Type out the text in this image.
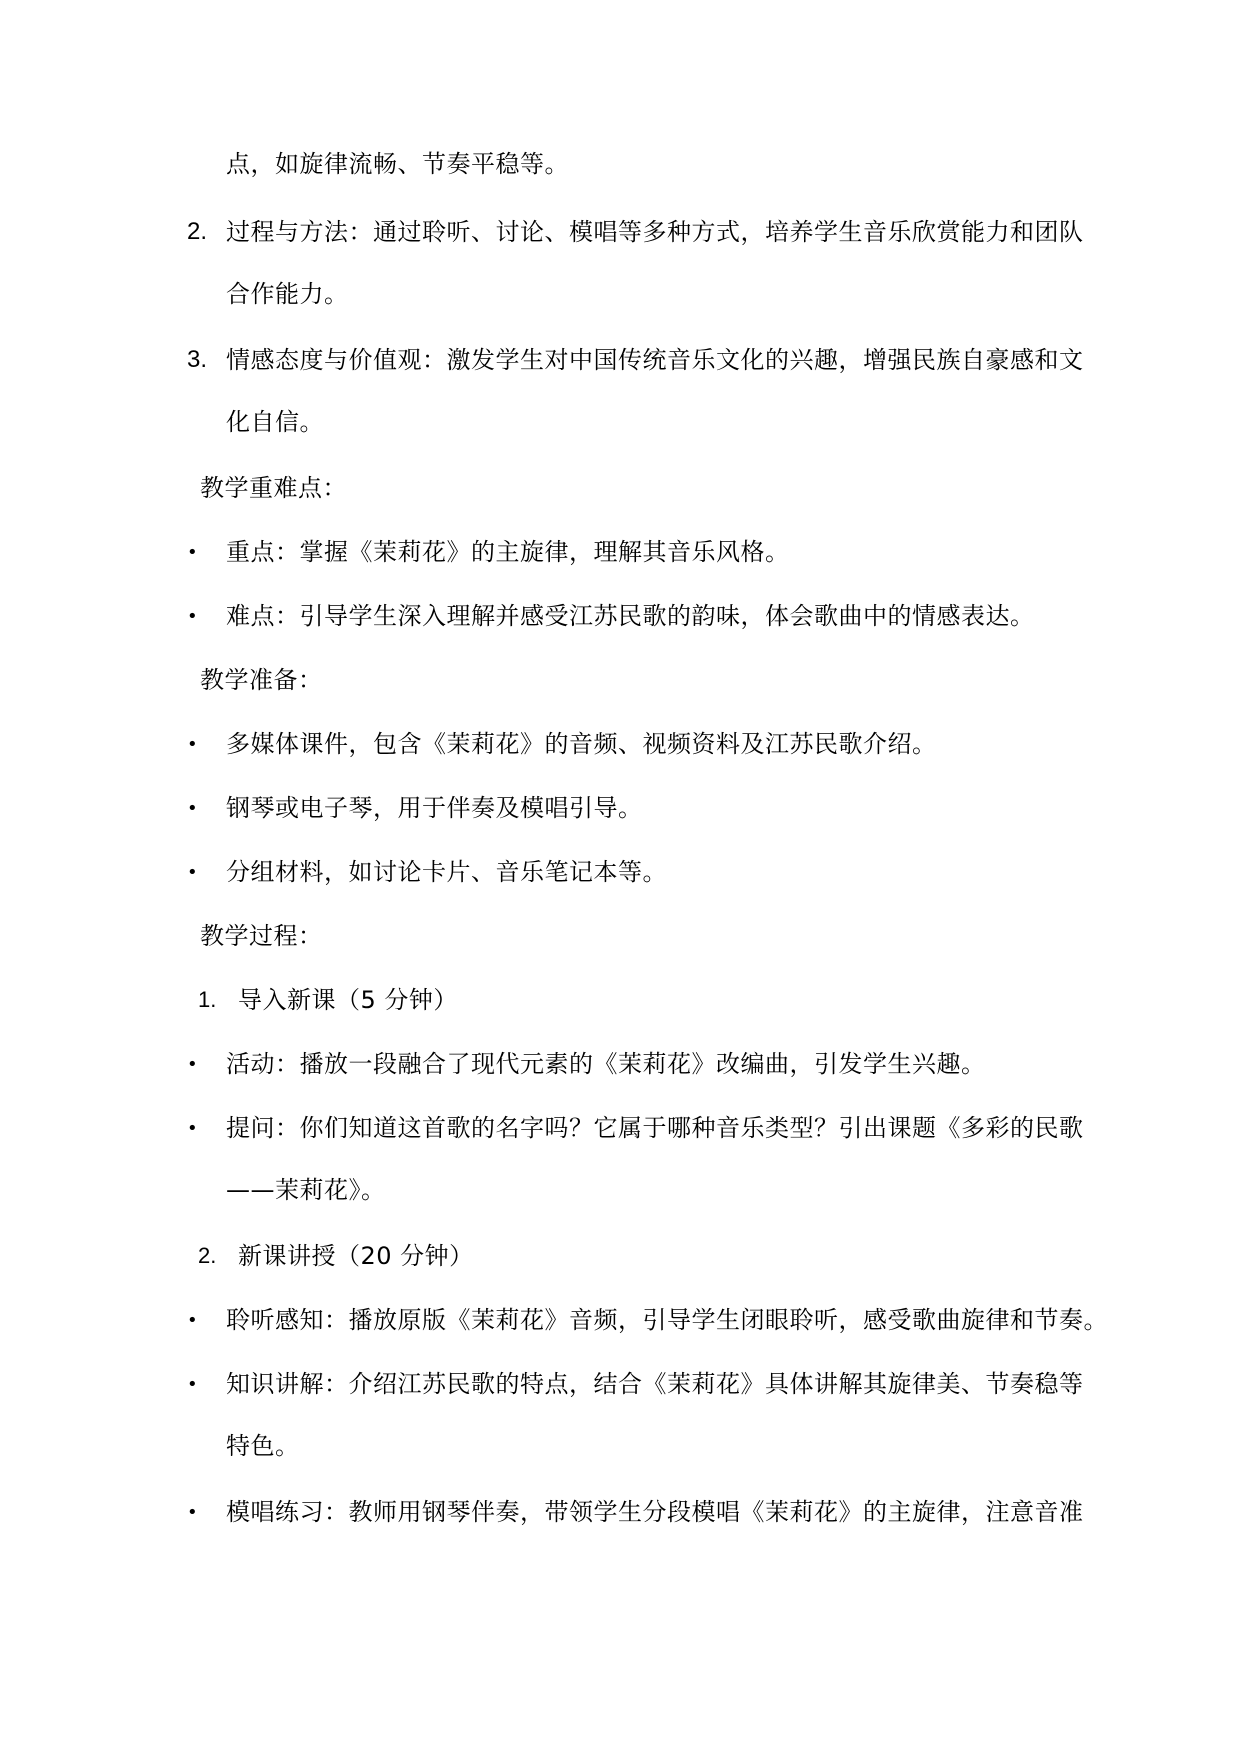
点，如旋律流畅、节奏平稳等。
2. 过程与方法：通过聆听、讨论、模唱等多种方式，培养学生音乐欣赏能力和团队
合作能力。
3. 情感态度与价值观：激发学生对中国传统音乐文化的兴趣，增强民族自豪感和文
化自信。
教学重难点：
• 重点：掌握《茉莉花》的主旋律，理解其音乐风格。
• 难点：引导学生深入理解并感受江苏民歌的韵味，体会歌曲中的情感表达。
教学准备：
• 多媒体课件，包含《茉莉花》的音频、视频资料及江苏民歌介绍。
• 钢琴或电子琴，用于伴奏及模唱引导。
• 分组材料，如讨论卡片、音乐笔记本等。
教学过程：
1. 导入新课（5 分钟）
• 活动：播放一段融合了现代元素的《茉莉花》改编曲，引发学生兴趣。
• 提问：你们知道这首歌的名字吗？它属于哪种音乐类型？引出课题《多彩的民歌
——茉莉花》。
2. 新课讲授（20 分钟）
• 聆听感知：播放原版《茉莉花》音频，引导学生闭眼聆听，感受歌曲旋律和节奏。
• 知识讲解：介绍江苏民歌的特点，结合《茉莉花》具体讲解其旋律美、节奏稳等
特色。
• 模唱练习：教师用钢琴伴奏，带领学生分段模唱《茉莉花》的主旋律，注意音准
